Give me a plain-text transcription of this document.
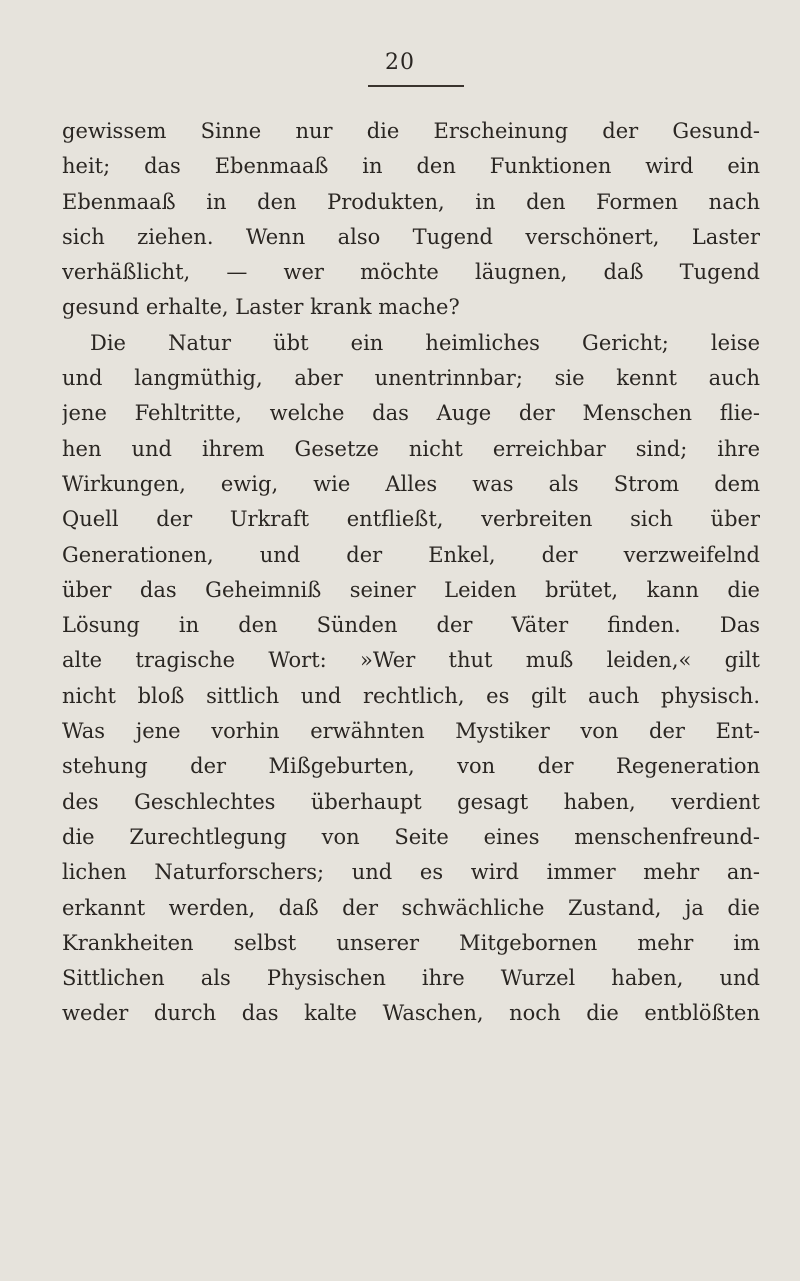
20
gewissem Sinne nur die Erscheinung der Gesund-
heit; das Ebenmaaß in den Funktionen wird ein
Ebenmaaß in den Produkten, in den Formen nach
sich ziehen. Wenn also Tugend verschönert, Laster
verhäßlicht, — wer möchte läugnen, daß Tugend
gesund erhalte, Laster krank mache?
Die Natur übt ein heimliches Gericht; leise
und langmüthig, aber unentrinnbar; sie kennt auch
jene Fehltritte, welche das Auge der Menschen flie-
hen und ihrem Gesetze nicht erreichbar sind; ihre
Wirkungen, ewig, wie Alles was als Strom dem
Quell der Urkraft entfließt, verbreiten sich über
Generationen, und der Enkel, der verzweifelnd
über das Geheimniß seiner Leiden brütet, kann die
Lösung in den Sünden der Väter finden. Das
alte tragische Wort: »Wer thut muß leiden,« gilt
nicht bloß sittlich und rechtlich, es gilt auch physisch.
Was jene vorhin erwähnten Mystiker von der Ent-
stehung der Mißgeburten, von der Regeneration
des Geschlechtes überhaupt gesagt haben, verdient
die Zurechtlegung von Seite eines menschenfreund-
lichen Naturforschers; und es wird immer mehr an-
erkannt werden, daß der schwächliche Zustand, ja die
Krankheiten selbst unserer Mitgebornen mehr im
Sittlichen als Physischen ihre Wurzel haben, und
weder durch das kalte Waschen, noch die entblößten
